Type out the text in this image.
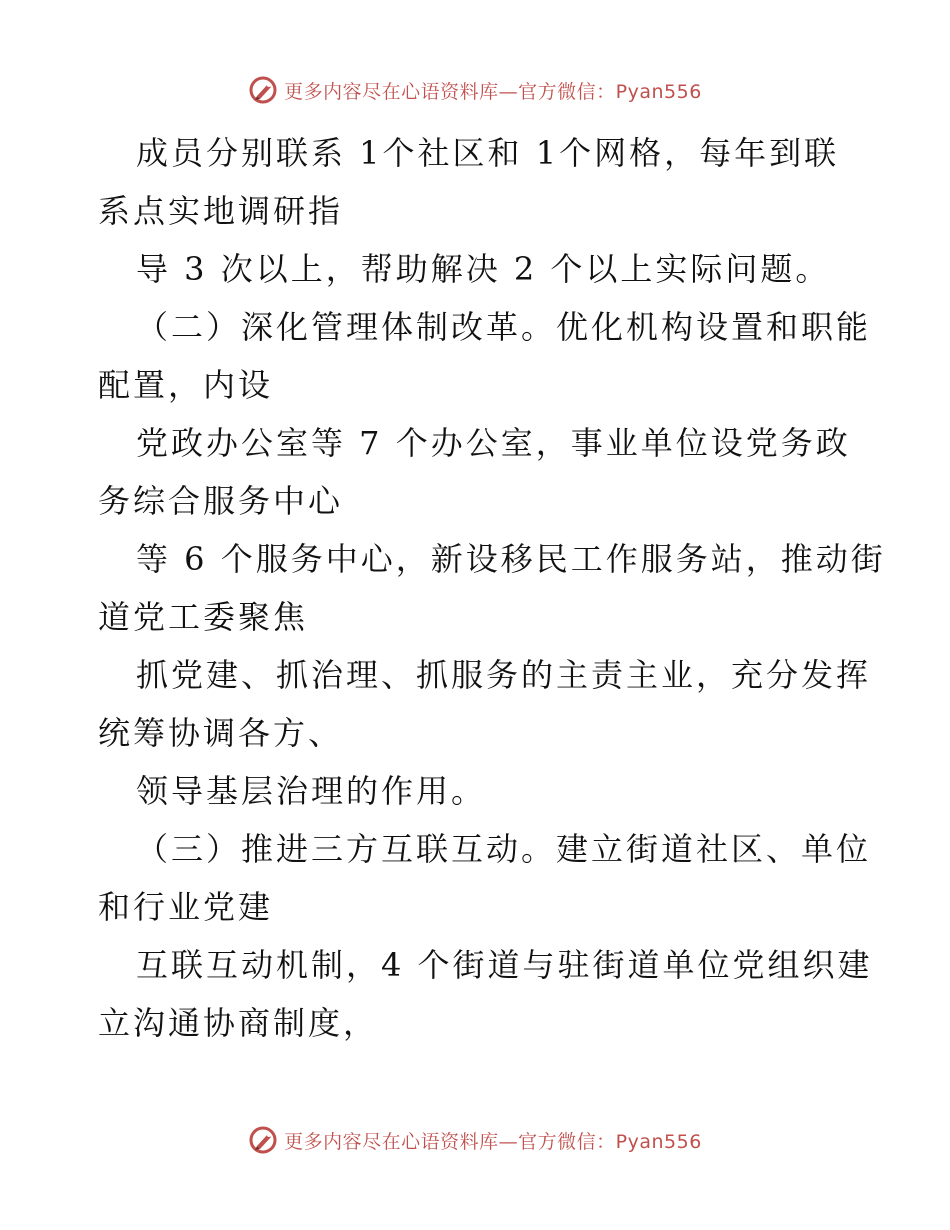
更多内容尽在心语资料库—官方微信：Pyan556
成员分别联系 1个社区和 1个网格，每年到联
系点实地调研指
导 3 次以上，帮助解决 2 个以上实际问题。
（二）深化管理体制改革。优化机构设置和职能
配置，内设
党政办公室等 7 个办公室，事业单位设党务政
务综合服务中心
等 6 个服务中心，新设移民工作服务站，推动街
道党工委聚焦
抓党建、抓治理、抓服务的主责主业，充分发挥
统筹协调各方、
领导基层治理的作用。
（三）推进三方互联互动。建立街道社区、单位
和行业党建
互联互动机制，4 个街道与驻街道单位党组织建
立沟通协商制度，
更多内容尽在心语资料库—官方微信：Pyan556
